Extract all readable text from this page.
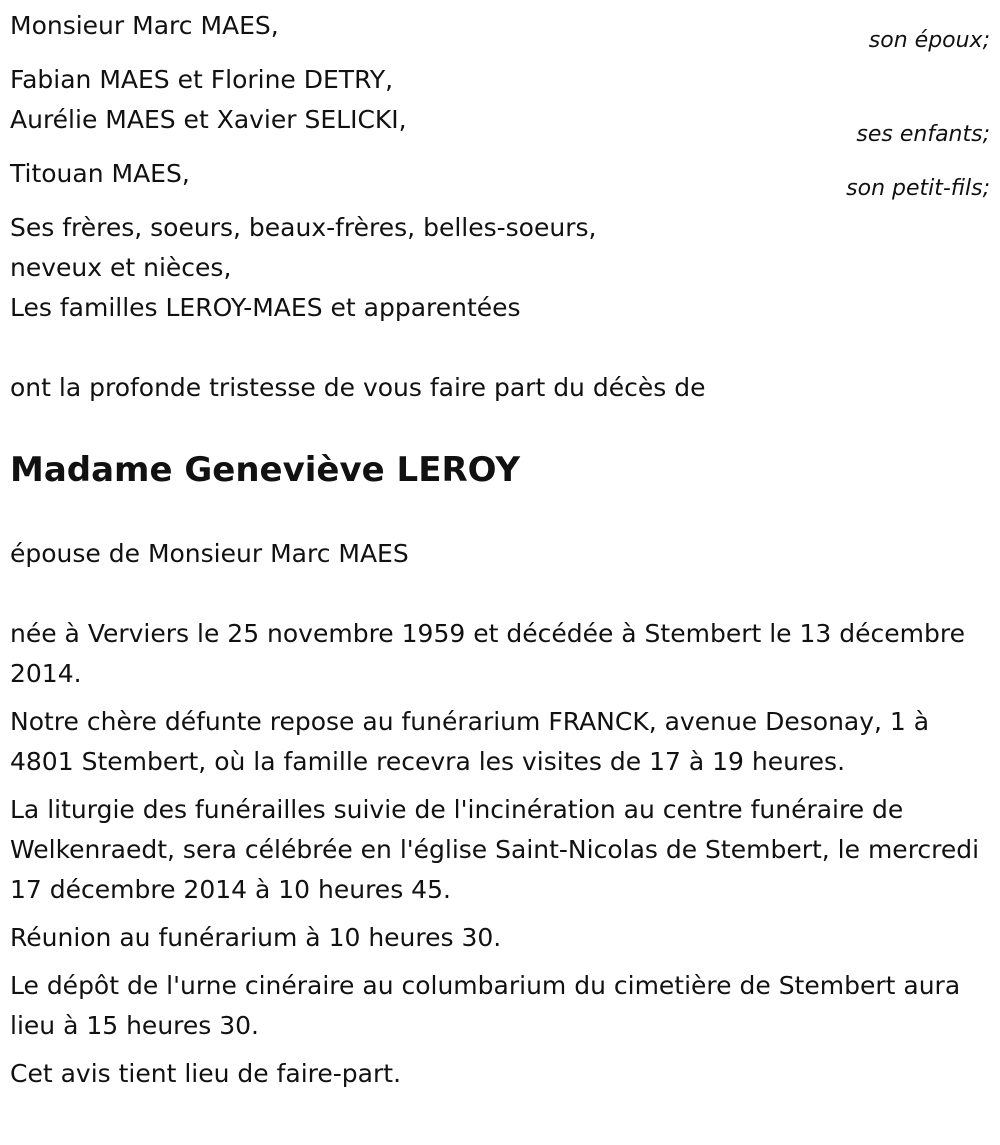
Monsieur Marc MAES,
son époux;
Fabian MAES et Florine DETRY,
Aurélie MAES et Xavier SELICKI,
ses enfants;
Titouan MAES,
son petit-fils;
Ses frères, soeurs, beaux-frères, belles-soeurs,
neveux et nièces,
Les familles LEROY-MAES et apparentées
ont la profonde tristesse de vous faire part du décès de
Madame Geneviève LEROY
épouse de Monsieur Marc MAES

née à Verviers le 25 novembre 1959 et décédée à Stembert le 13 décembre 2014.

Notre chère défunte repose au funérarium FRANCK, avenue Desonay, 1 à 4801 Stembert, où la famille recevra les visites de 17 à 19 heures.

La liturgie des funérailles suivie de l'incinération au centre funéraire de Welkenraedt, sera célébrée en l'église Saint-Nicolas de Stembert, le mercredi 17 décembre 2014 à 10 heures 45.

Réunion au funérarium à 10 heures 30.

Le dépôt de l'urne cinéraire au columbarium du cimetière de Stembert aura lieu à 15 heures 30.

Cet avis tient lieu de faire-part.
